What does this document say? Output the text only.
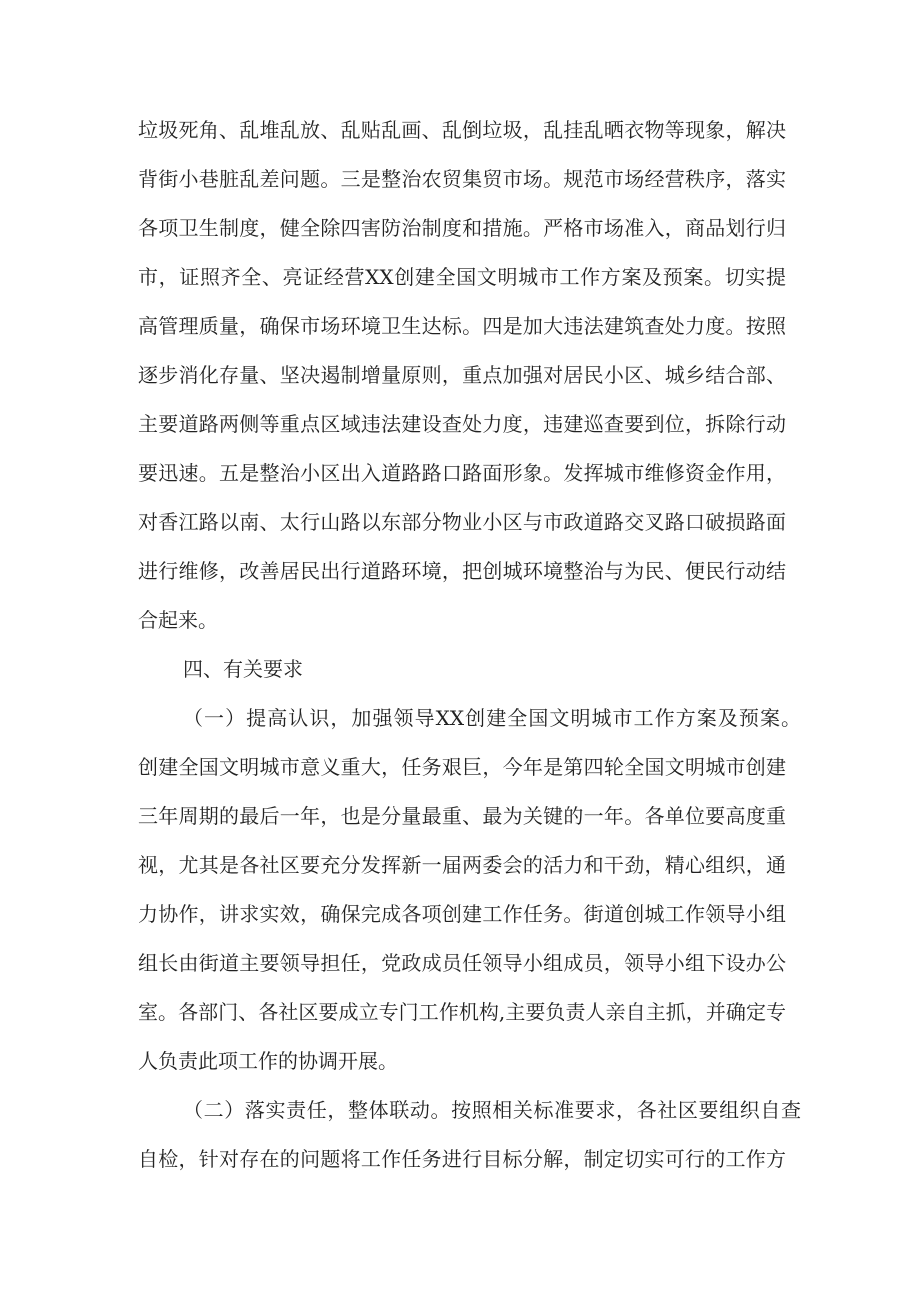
垃圾死角、乱堆乱放、乱贴乱画、乱倒垃圾，乱挂乱晒衣物等现象，解决
背街小巷脏乱差问题。三是整治农贸集贸市场。规范市场经营秩序，落实
各项卫生制度，健全除四害防治制度和措施。严格市场准入，商品划行归
市，证照齐全、亮证经营XX创建全国文明城市工作方案及预案。切实提
高管理质量，确保市场环境卫生达标。四是加大违法建筑查处力度。按照
逐步消化存量、坚决遏制增量原则，重点加强对居民小区、城乡结合部、
主要道路两侧等重点区域违法建设查处力度，违建巡查要到位，拆除行动
要迅速。五是整治小区出入道路路口路面形象。发挥城市维修资金作用，
对香江路以南、太行山路以东部分物业小区与市政道路交叉路口破损路面
进行维修，改善居民出行道路环境，把创城环境整治与为民、便民行动结
合起来。
四、有关要求
（一）提高认识，加强领导XX创建全国文明城市工作方案及预案。
创建全国文明城市意义重大，任务艰巨，今年是第四轮全国文明城市创建
三年周期的最后一年，也是分量最重、最为关键的一年。各单位要高度重
视，尤其是各社区要充分发挥新一届两委会的活力和干劲，精心组织，通
力协作，讲求实效，确保完成各项创建工作任务。街道创城工作领导小组
组长由街道主要领导担任，党政成员任领导小组成员，领导小组下设办公
室。各部门、各社区要成立专门工作机构,主要负责人亲自主抓，并确定专
人负责此项工作的协调开展。
（二）落实责任，整体联动。按照相关标准要求，各社区要组织自查
自检，针对存在的问题将工作任务进行目标分解，制定切实可行的工作方
